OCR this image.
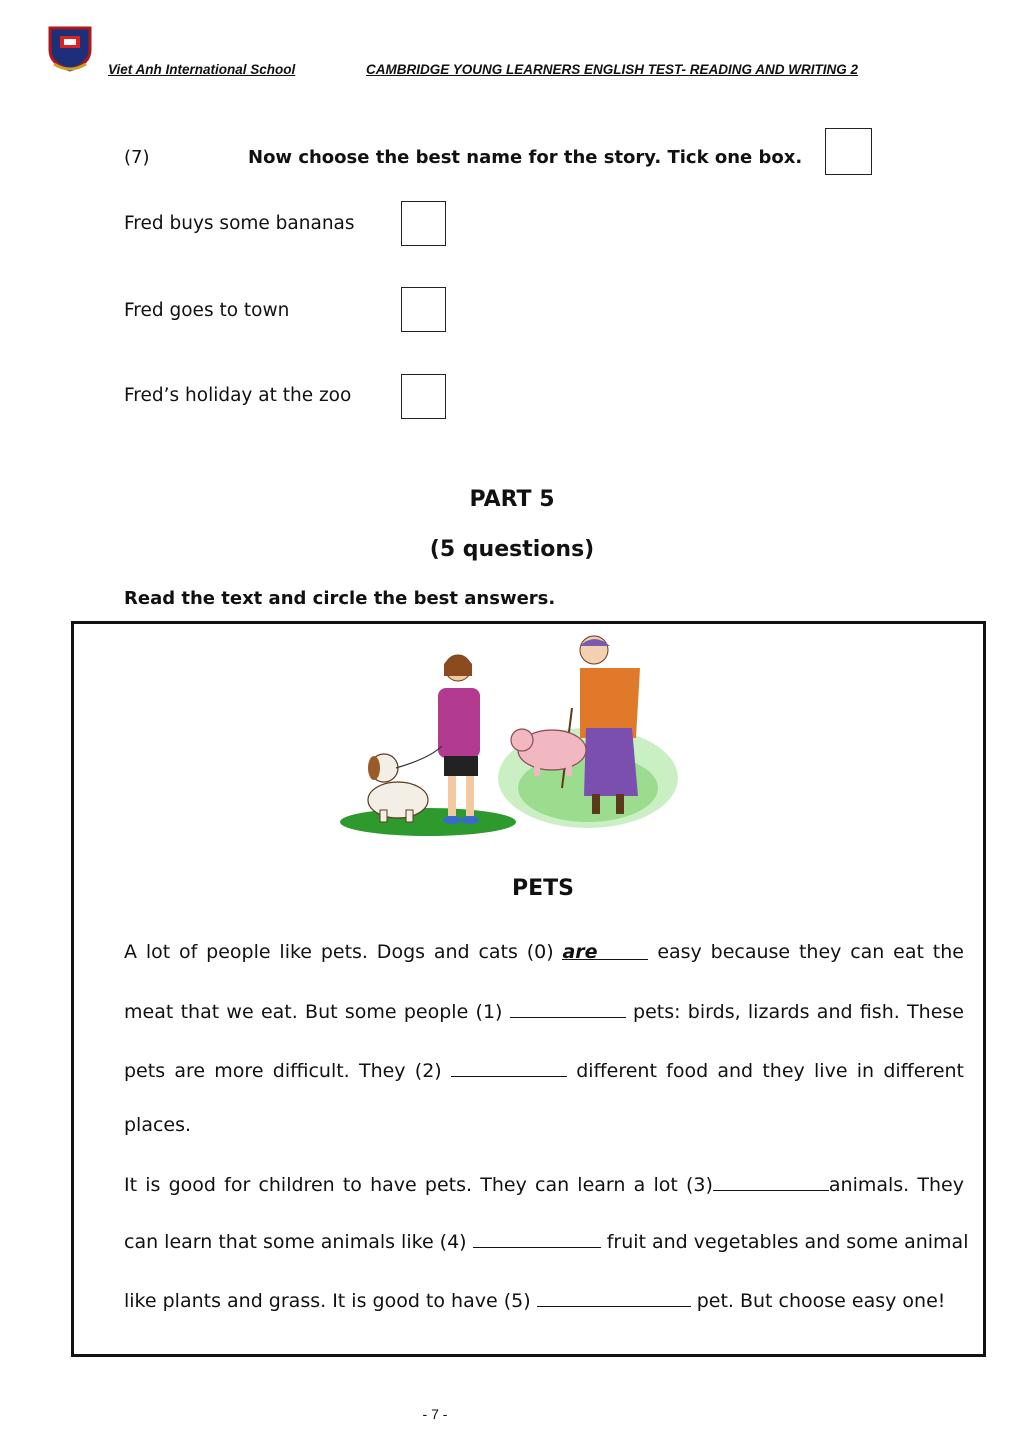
Viet Anh International School	CAMBRIDGE YOUNG LEARNERS ENGLISH TEST- READING AND WRITING 2
(7)	Now choose the best name for the story. Tick one box.
Fred buys some bananas
Fred goes to town
Fred’s holiday at the zoo
PART 5
(5 questions)
Read the text and circle the best answers.
PETS
A lot of people like pets. Dogs and cats (0) are	easy because they can eat the
meat that we eat. But some people (1)	pets: birds, lizards and fish. These
pets are more difficult. They (2)	different food and they live in different
places.
It is good for children to have pets. They can learn a lot (3)	animals. They
can learn that some animals like (4)	fruit and vegetables and some animal
like plants and grass. It is good to have (5)	pet. But choose easy one!
- 7 -
